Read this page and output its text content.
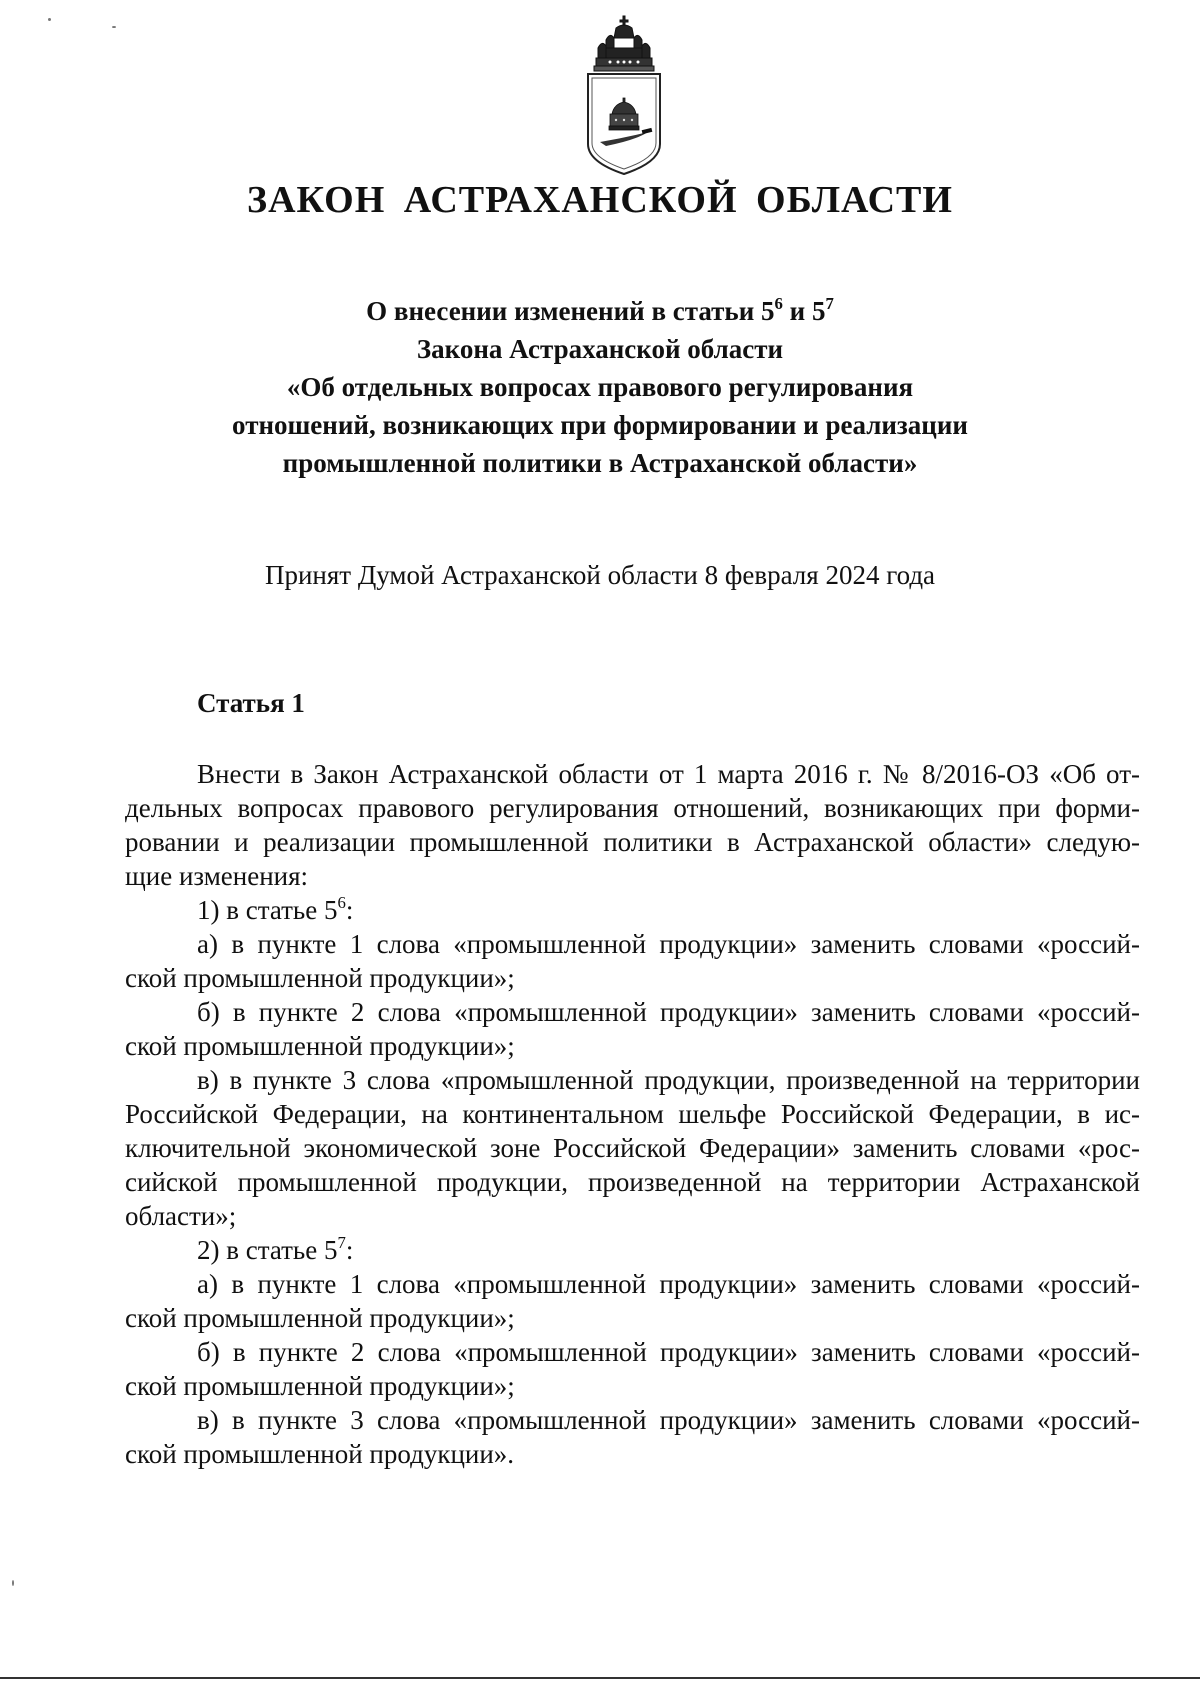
ЗАКОН АСТРАХАНСКОЙ ОБЛАСТИ
О внесении изменений в статьи $5^6$ и $5^7$
Закона Астраханской области
«Об отдельных вопросах правового регулирования
отношений, возникающих при формировании и реализации
промышленной политики в Астраханской области»
Принят Думой Астраханской области 8 февраля 2024 года
Статья 1
Внести в Закон Астраханской области от 1 марта 2016 г. № 8/2016-ОЗ «Об от-
дельных вопросах правового регулирования отношений, возникающих при форми-
ровании и реализации промышленной политики в Астраханской области» следую-
щие изменения:
1) в статье $5^6$:
а) в пункте 1 слова «промышленной продукции» заменить словами «россий-
ской промышленной продукции»;
б) в пункте 2 слова «промышленной продукции» заменить словами «россий-
ской промышленной продукции»;
в) в пункте 3 слова «промышленной продукции, произведенной на территории
Российской Федерации, на континентальном шельфе Российской Федерации, в ис-
ключительной экономической зоне Российской Федерации» заменить словами «рос-
сийской промышленной продукции, произведенной на территории Астраханской
области»;
2) в статье $5^7$:
а) в пункте 1 слова «промышленной продукции» заменить словами «россий-
ской промышленной продукции»;
б) в пункте 2 слова «промышленной продукции» заменить словами «россий-
ской промышленной продукции»;
в) в пункте 3 слова «промышленной продукции» заменить словами «россий-
ской промышленной продукции».
